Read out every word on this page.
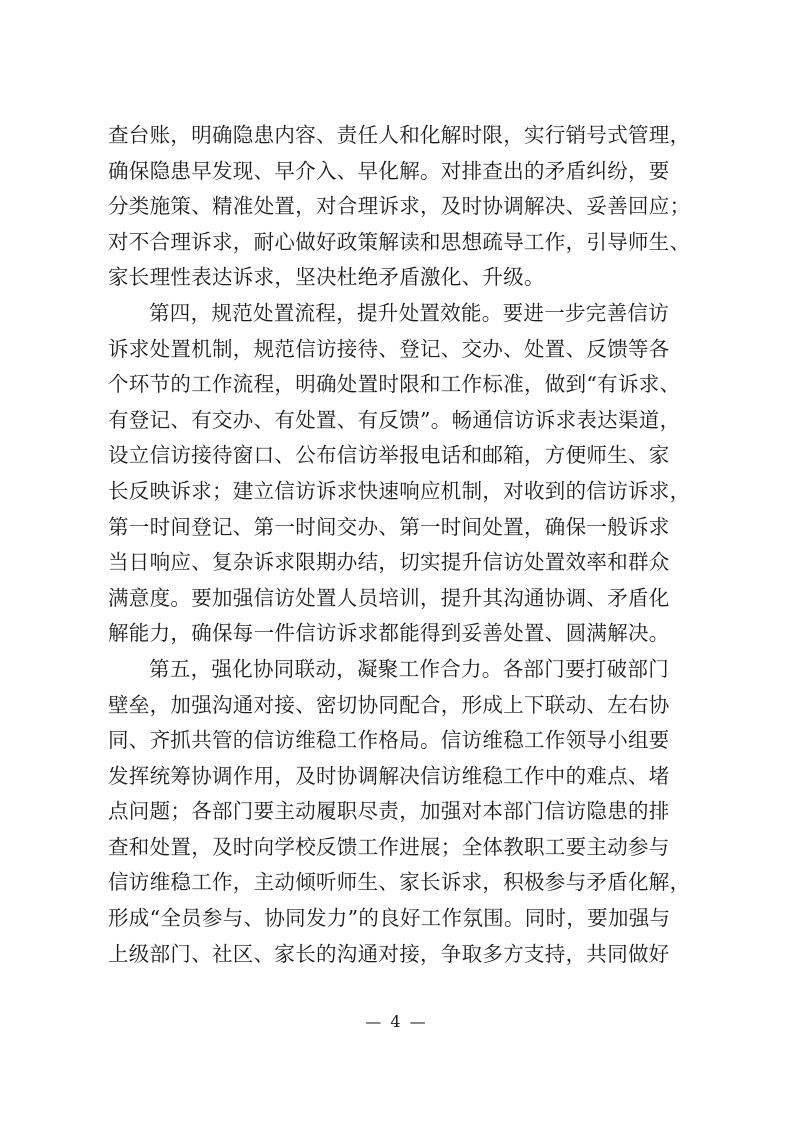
查台账，明确隐患内容、责任人和化解时限，实行销号式管理，
确保隐患早发现、早介入、早化解。对排查出的矛盾纠纷，要
分类施策、精准处置，对合理诉求，及时协调解决、妥善回应；
对不合理诉求，耐心做好政策解读和思想疏导工作，引导师生、
家长理性表达诉求，坚决杜绝矛盾激化、升级。
第四，规范处置流程，提升处置效能。要进一步完善信访
诉求处置机制，规范信访接待、登记、交办、处置、反馈等各
个环节的工作流程，明确处置时限和工作标准，做到“有诉求、
有登记、有交办、有处置、有反馈”。畅通信访诉求表达渠道，
设立信访接待窗口、公布信访举报电话和邮箱，方便师生、家
长反映诉求；建立信访诉求快速响应机制，对收到的信访诉求，
第一时间登记、第一时间交办、第一时间处置，确保一般诉求
当日响应、复杂诉求限期办结，切实提升信访处置效率和群众
满意度。要加强信访处置人员培训，提升其沟通协调、矛盾化
解能力，确保每一件信访诉求都能得到妥善处置、圆满解决。
第五，强化协同联动，凝聚工作合力。各部门要打破部门
壁垒，加强沟通对接、密切协同配合，形成上下联动、左右协
同、齐抓共管的信访维稳工作格局。信访维稳工作领导小组要
发挥统筹协调作用，及时协调解决信访维稳工作中的难点、堵
点问题；各部门要主动履职尽责，加强对本部门信访隐患的排
查和处置，及时向学校反馈工作进展；全体教职工要主动参与
信访维稳工作，主动倾听师生、家长诉求，积极参与矛盾化解，
形成“全员参与、协同发力”的良好工作氛围。同时，要加强与
上级部门、社区、家长的沟通对接，争取多方支持，共同做好
— 4 —
